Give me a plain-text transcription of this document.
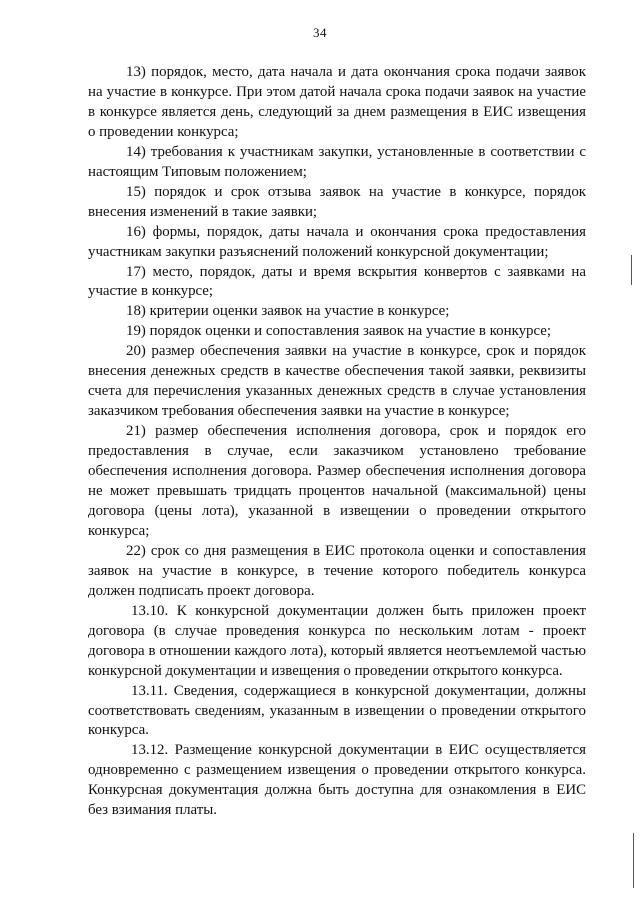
34

13) порядок, место, дата начала и дата окончания срока подачи заявок на участие в конкурсе. При этом датой начала срока подачи заявок на участие в конкурсе является день, следующий за днем размещения в ЕИС извещения о проведении конкурса;

14) требования к участникам закупки, установленные в соответствии с настоящим Типовым положением;

15) порядок и срок отзыва заявок на участие в конкурсе, порядок внесения изменений в такие заявки;

16) формы, порядок, даты начала и окончания срока предоставления участникам закупки разъяснений положений конкурсной документации;

17) место, порядок, даты и время вскрытия конвертов с заявками на участие в конкурсе;

18) критерии оценки заявок на участие в конкурсе;

19) порядок оценки и сопоставления заявок на участие в конкурсе;

20) размер обеспечения заявки на участие в конкурсе, срок и порядок внесения денежных средств в качестве обеспечения такой заявки, реквизиты счета для перечисления указанных денежных средств в случае установления заказчиком требования обеспечения заявки на участие в конкурсе;

21) размер обеспечения исполнения договора, срок и порядок его предоставления в случае, если заказчиком установлено требование обеспечения исполнения договора. Размер обеспечения исполнения договора не может превышать тридцать процентов начальной (максимальной) цены договора (цены лота), указанной в извещении о проведении открытого конкурса;

22) срок со дня размещения в ЕИС протокола оценки и сопоставления заявок на участие в конкурсе, в течение которого победитель конкурса должен подписать проект договора.

13.10. К конкурсной документации должен быть приложен проект договора (в случае проведения конкурса по нескольким лотам - проект договора в отношении каждого лота), который является неотъемлемой частью конкурсной документации и извещения о проведении открытого конкурса.

13.11. Сведения, содержащиеся в конкурсной документации, должны соответствовать сведениям, указанным в извещении о проведении открытого конкурса.

13.12. Размещение конкурсной документации в ЕИС осуществляется одновременно с размещением извещения о проведении открытого конкурса. Конкурсная документация должна быть доступна для ознакомления в ЕИС без взимания платы.
